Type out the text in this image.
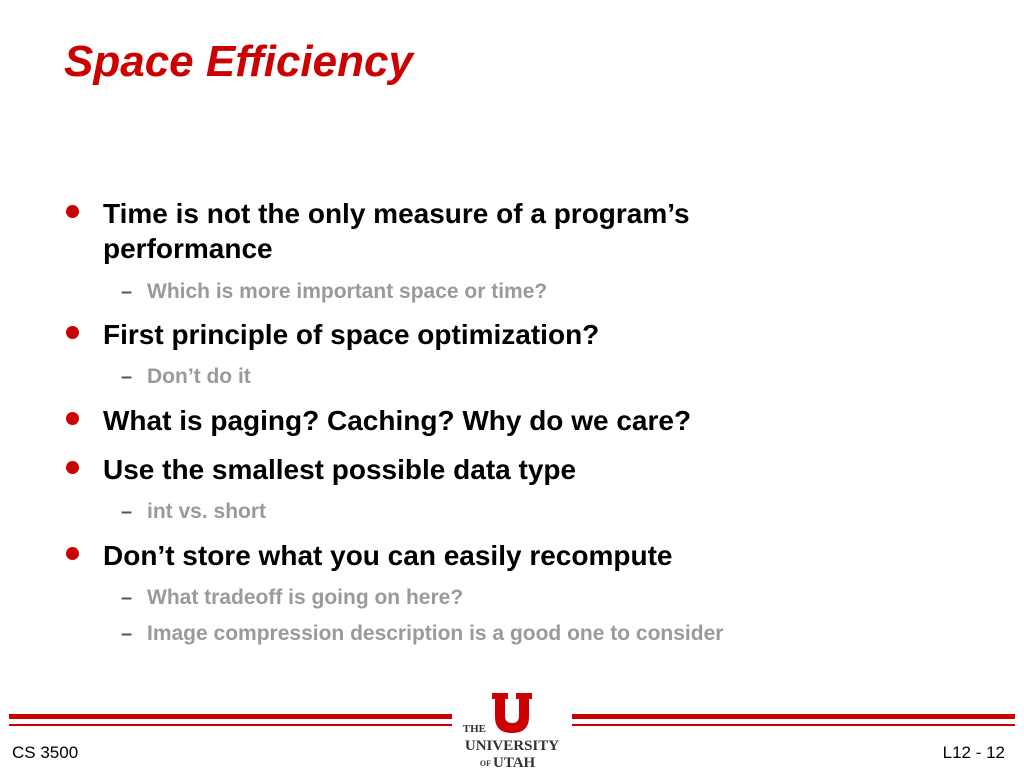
Space Efficiency
Time is not the only measure of a program’s performance
– Which is more important space or time?
First principle of space optimization?
– Don’t do it
What is paging? Caching? Why do we care?
Use the smallest possible data type
– int vs. short
Don’t store what you can easily recompute
– What tradeoff is going on here?
– Image compression description is a good one to consider
CS 3500	L12 - 12
THE
UNIVERSITY
OF UTAH
